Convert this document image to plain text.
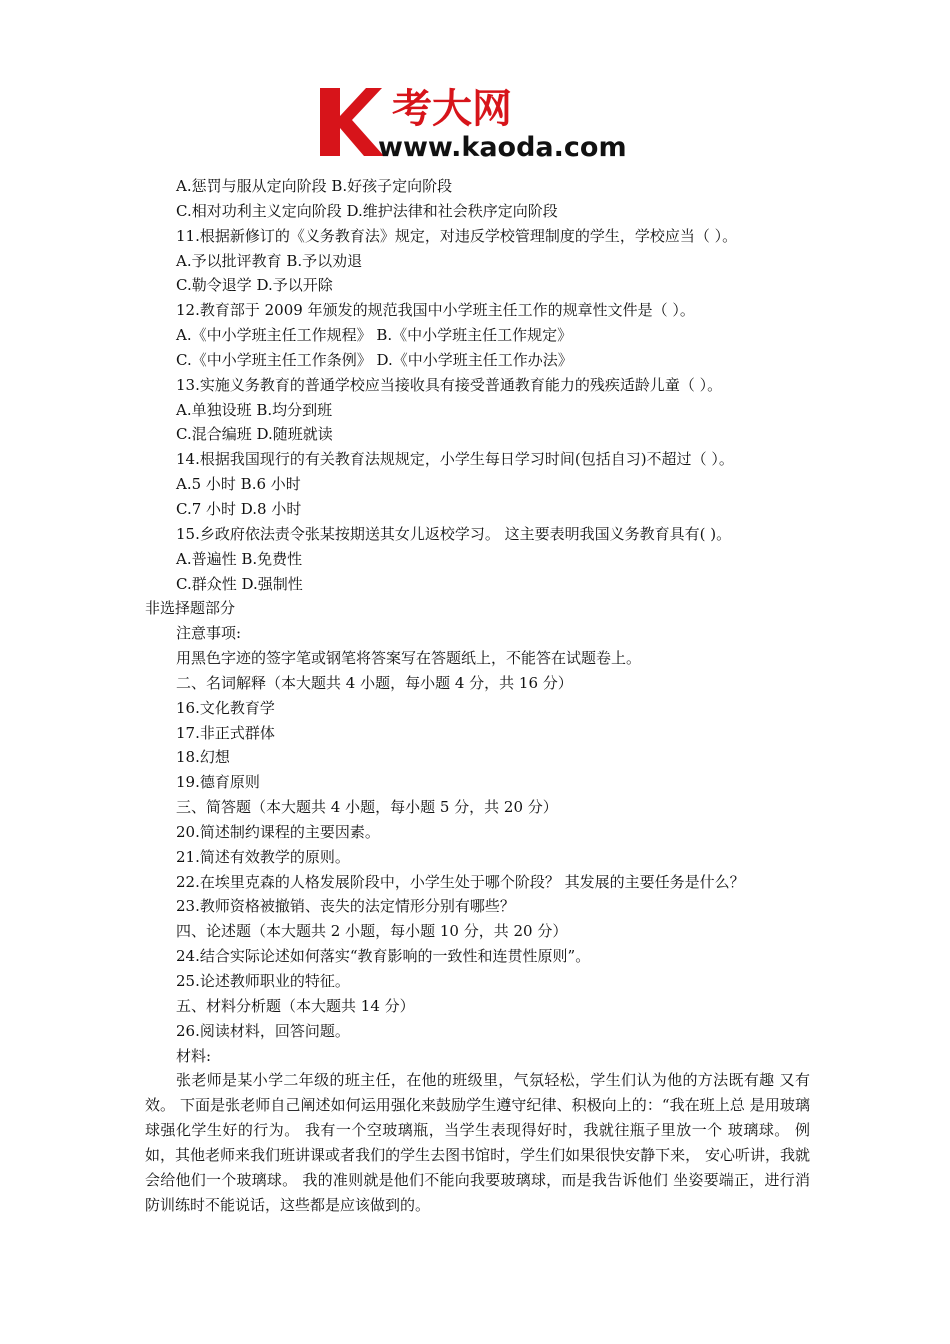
考大网
www.kaoda.com
A.惩罚与服从定向阶段 B.好孩子定向阶段
C.相对功利主义定向阶段 D.维护法律和社会秩序定向阶段
11.根据新修订的《义务教育法》规定，对违反学校管理制度的学生，学校应当（ ）。
A.予以批评教育 B.予以劝退
C.勒令退学 D.予以开除
12.教育部于 2009 年颁发的规范我国中小学班主任工作的规章性文件是（ ）。
A.《中小学班主任工作规程》 B.《中小学班主任工作规定》
C.《中小学班主任工作条例》 D.《中小学班主任工作办法》
13.实施义务教育的普通学校应当接收具有接受普通教育能力的残疾适龄儿童（ ）。
A.单独设班 B.均分到班
C.混合编班 D.随班就读
14.根据我国现行的有关教育法规规定，小学生每日学习时间(包括自习)不超过（ ）。
A.5 小时 B.6 小时
C.7 小时 D.8 小时
15.乡政府依法责令张某按期送其女儿返校学习。 这主要表明我国义务教育具有( )。
A.普遍性 B.免费性
C.群众性 D.强制性
非选择题部分
注意事项:
用黑色字迹的签字笔或钢笔将答案写在答题纸上，不能答在试题卷上。
二、名词解释（本大题共 4 小题，每小题 4 分，共 16 分）
16.文化教育学
17.非正式群体
18.幻想
19.德育原则
三、简答题（本大题共 4 小题，每小题 5 分，共 20 分）
20.简述制约课程的主要因素。
21.简述有效教学的原则。
22.在埃里克森的人格发展阶段中，小学生处于哪个阶段？ 其发展的主要任务是什么？
23.教师资格被撤销、丧失的法定情形分别有哪些？
四、论述题（本大题共 2 小题，每小题 10 分，共 20 分）
24.结合实际论述如何落实“教育影响的一致性和连贯性原则”。
25.论述教师职业的特征。
五、材料分析题（本大题共 14 分）
26.阅读材料，回答问题。
材料:
张老师是某小学二年级的班主任，在他的班级里，气氛轻松，学生们认为他的方法既有趣 又有效。 下面是张老师自己阐述如何运用强化来鼓励学生遵守纪律、积极向上的：“我在班上总 是用玻璃球强化学生好的行为。 我有一个空玻璃瓶，当学生表现得好时，我就往瓶子里放一个 玻璃球。 例如，其他老师来我们班讲课或者我们的学生去图书馆时，学生们如果很快安静下来， 安心听讲，我就会给他们一个玻璃球。 我的准则就是他们不能向我要玻璃球，而是我告诉他们 坐姿要端正，进行消防训练时不能说话，这些都是应该做到的。
